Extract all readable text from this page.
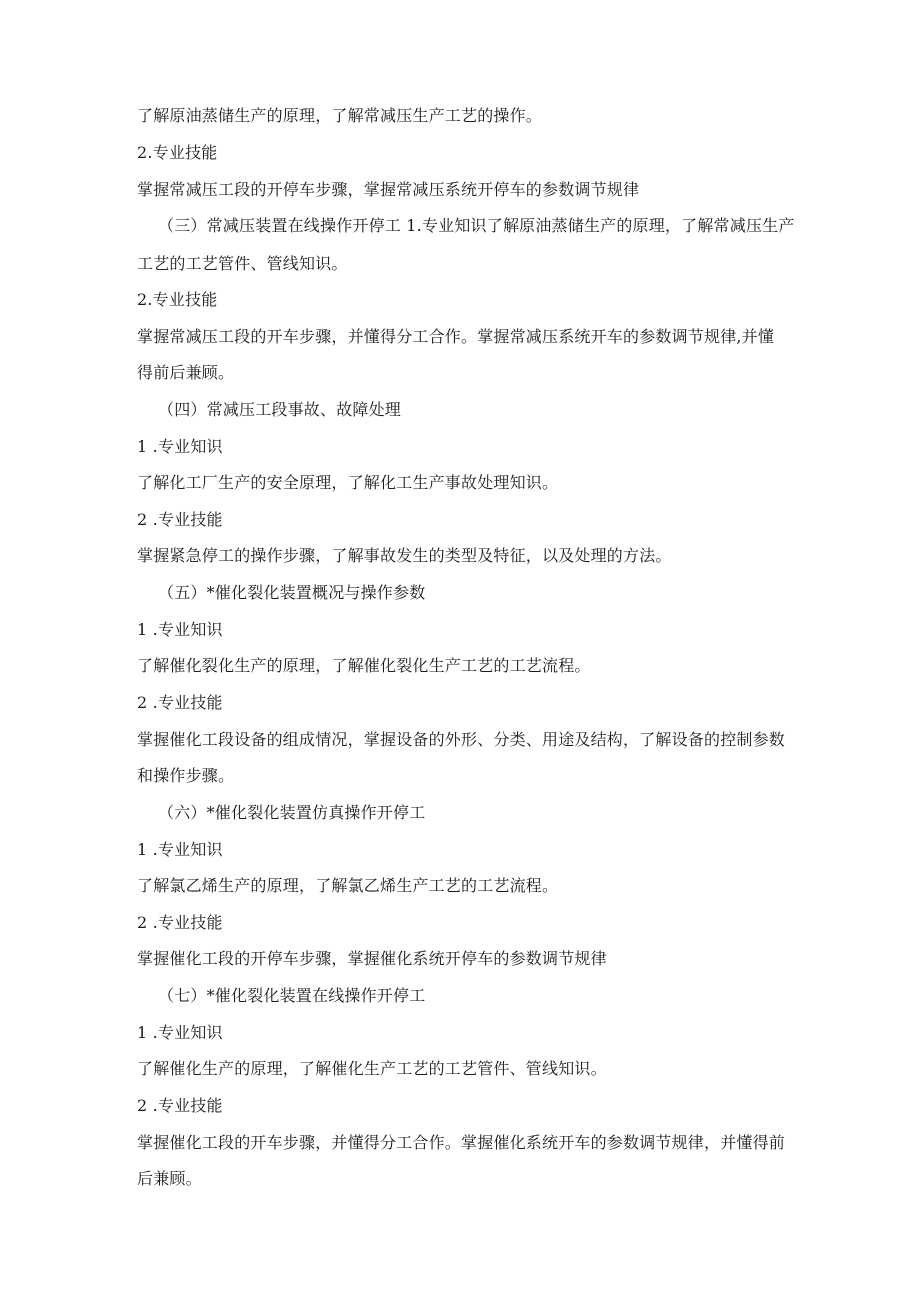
了解原油蒸储生产的原理，了解常减压生产工艺的操作。
2.专业技能
掌握常减压工段的开停车步骤，掌握常减压系统开停车的参数调节规律
（三）常减压装置在线操作开停工 1.专业知识了解原油蒸储生产的原理，了解常减压生产
工艺的工艺管件、管线知识。
2.专业技能
掌握常减压工段的开车步骤，并懂得分工合作。掌握常减压系统开车的参数调节规律,并懂
得前后兼顾。
（四）常减压工段事故、故障处理
1 .专业知识
了解化工厂生产的安全原理，了解化工生产事故处理知识。
2 .专业技能
掌握紧急停工的操作步骤，了解事故发生的类型及特征，以及处理的方法。
（五）*催化裂化装置概况与操作参数
1 .专业知识
了解催化裂化生产的原理，了解催化裂化生产工艺的工艺流程。
2 .专业技能
掌握催化工段设备的组成情况，掌握设备的外形、分类、用途及结构，了解设备的控制参数
和操作步骤。
（六）*催化裂化装置仿真操作开停工
1 .专业知识
了解氯乙烯生产的原理，了解氯乙烯生产工艺的工艺流程。
2 .专业技能
掌握催化工段的开停车步骤，掌握催化系统开停车的参数调节规律
（七）*催化裂化装置在线操作开停工
1 .专业知识
了解催化生产的原理，了解催化生产工艺的工艺管件、管线知识。
2 .专业技能
掌握催化工段的开车步骤，并懂得分工合作。掌握催化系统开车的参数调节规律，并懂得前
后兼顾。
